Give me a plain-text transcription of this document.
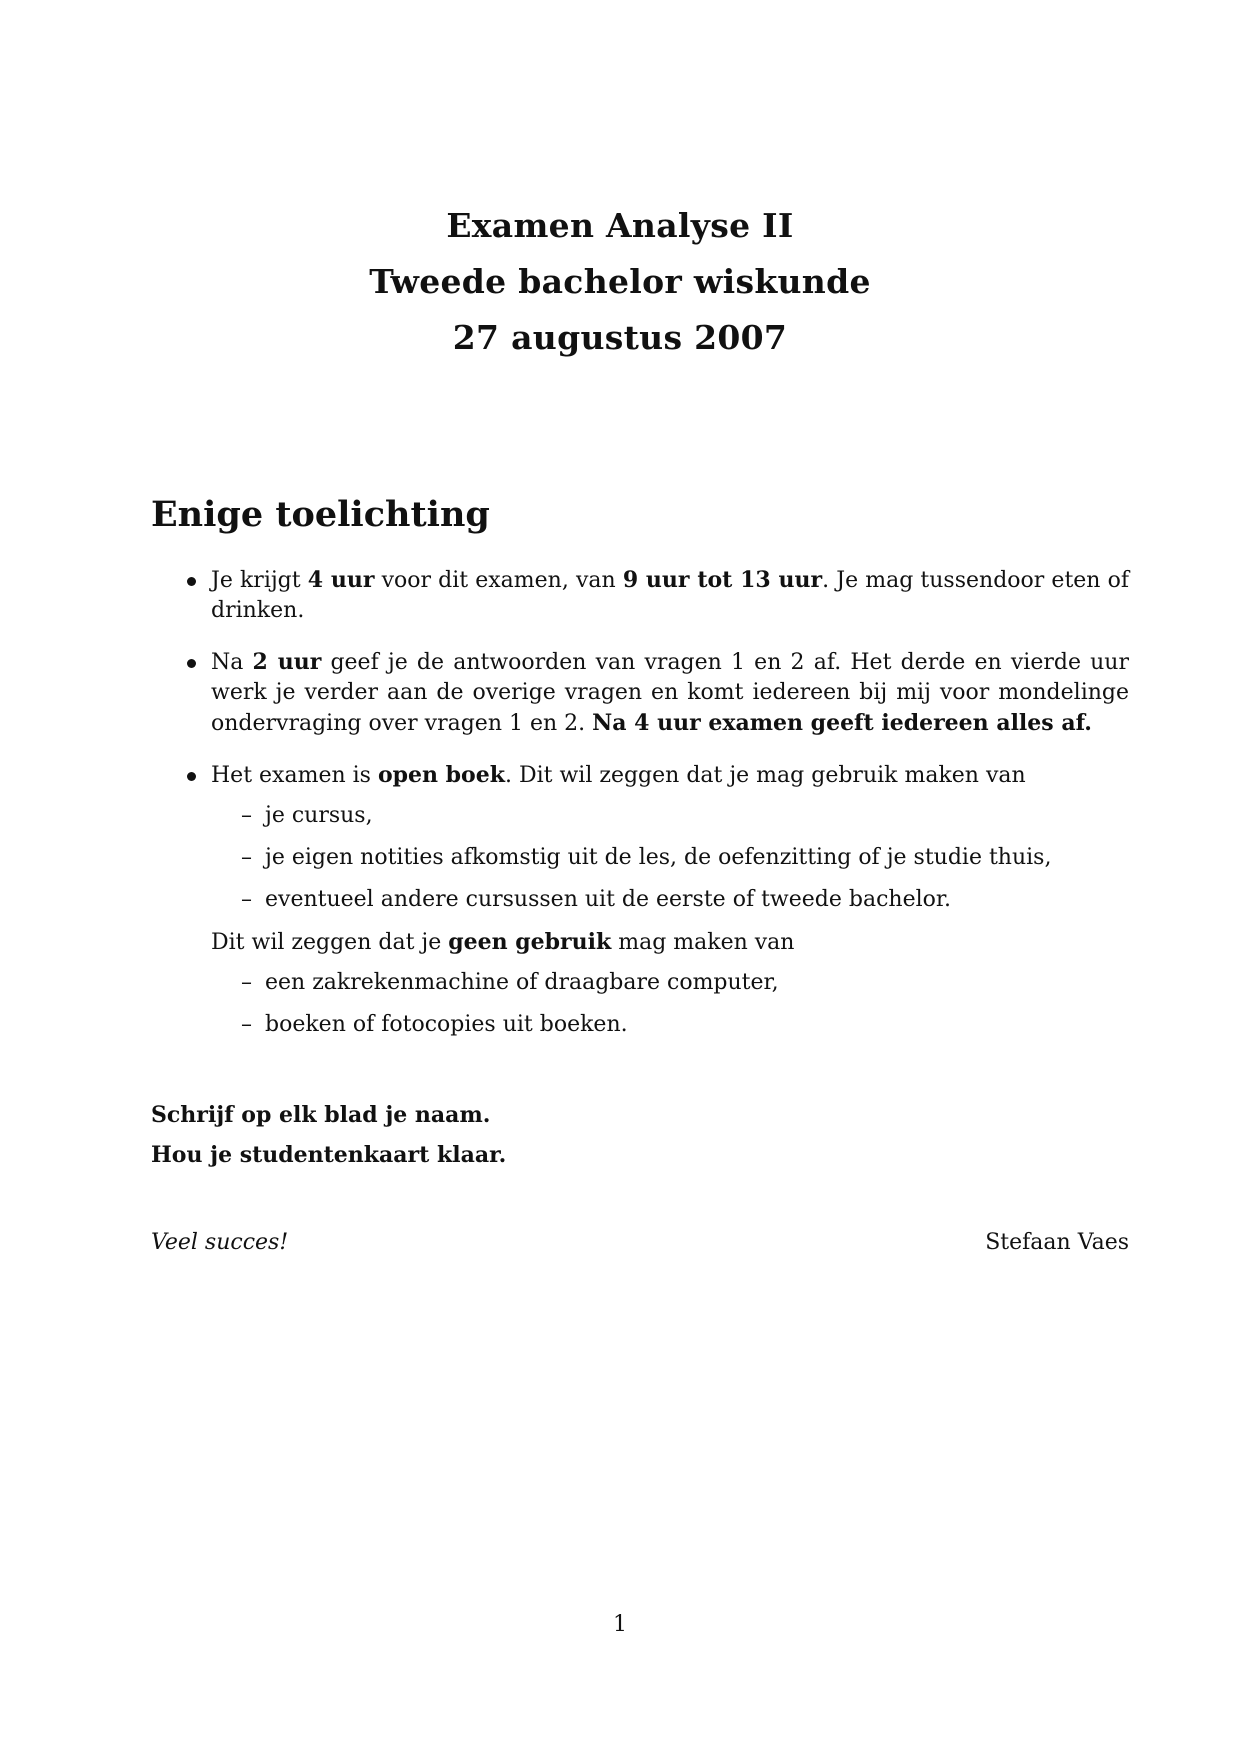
Examen Analyse II
Tweede bachelor wiskunde
27 augustus 2007
Enige toelichting

Je krijgt 4 uur voor dit examen, van 9 uur tot 13 uur. Je mag tussendoor eten of drinken.

Na 2 uur geef je de antwoorden van vragen 1 en 2 af. Het derde en vierde uur werk je verder aan de overige vragen en komt iedereen bij mij voor mondelinge ondervraging over vragen 1 en 2. Na 4 uur examen geeft iedereen alles af.

Het examen is open boek. Dit wil zeggen dat je mag gebruik maken van

– je cursus,
– je eigen notities afkomstig uit de les, de oefenzitting of je studie thuis,
– eventueel andere cursussen uit de eerste of tweede bachelor.

Dit wil zeggen dat je geen gebruik mag maken van

– een zakrekenmachine of draagbare computer,
– boeken of fotocopies uit boeken.
Schrijf op elk blad je naam.
Hou je studentenkaart klaar.
Veel succes!	Stefaan Vaes
1
